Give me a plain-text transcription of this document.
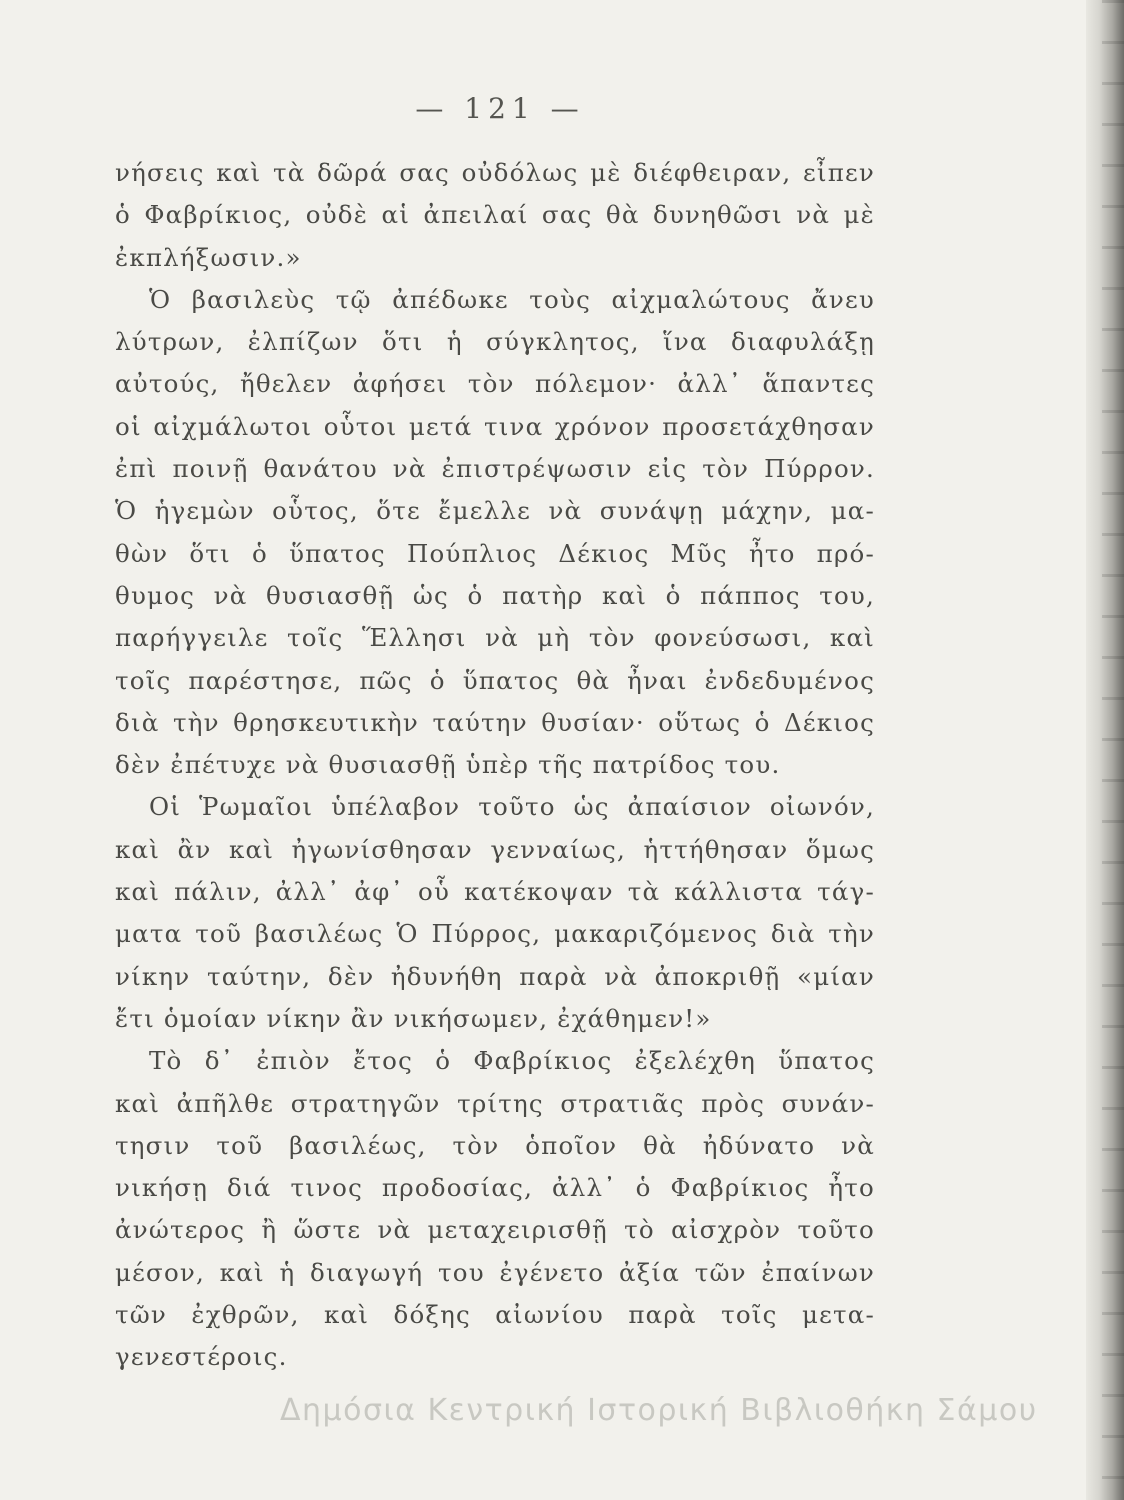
— 121 —
νήσεις καὶ τὰ δῶρά σας οὐδόλως μὲ διέφθειραν, εἶπεν
ὁ Φαβρίκιος, οὐδὲ αἱ ἀπειλαί σας θὰ δυνηθῶσι νὰ μὲ
ἐκπλήξωσιν.»
Ὁ βασιλεὺς τῷ ἀπέδωκε τοὺς αἰχμαλώτους ἄνευ
λύτρων, ἐλπίζων ὅτι ἡ σύγκλητος, ἵνα διαφυλάξῃ
αὐτούς, ἤθελεν ἀφήσει τὸν πόλεμον· ἀλλ᾽ ἅπαντες
οἱ αἰχμάλωτοι οὗτοι μετά τινα χρόνον προσετάχθησαν
ἐπὶ ποινῇ θανάτου νὰ ἐπιστρέψωσιν εἰς τὸν Πύρρον.
Ὁ ἡγεμὼν οὗτος, ὅτε ἔμελλε νὰ συνάψῃ μάχην, μα-
θὼν ὅτι ὁ ὕπατος Πούπλιος Δέκιος Μῦς ἦτο πρό-
θυμος νὰ θυσιασθῇ ὡς ὁ πατὴρ καὶ ὁ πάππος του,
παρήγγειλε τοῖς Ἕλλησι νὰ μὴ τὸν φονεύσωσι, καὶ
τοῖς παρέστησε, πῶς ὁ ὕπατος θὰ ἦναι ἐνδεδυμένος
διὰ τὴν θρησκευτικὴν ταύτην θυσίαν· οὕτως ὁ Δέκιος
δὲν ἐπέτυχε νὰ θυσιασθῇ ὑπὲρ τῆς πατρίδος του.
Οἱ Ῥωμαῖοι ὑπέλαβον τοῦτο ὡς ἀπαίσιον οἰωνόν,
καὶ ἂν καὶ ἠγωνίσθησαν γενναίως, ἡττήθησαν ὅμως
καὶ πάλιν, ἀλλ᾽ ἀφ᾽ οὗ κατέκοψαν τὰ κάλλιστα τάγ-
ματα τοῦ βασιλέως Ὁ Πύρρος, μακαριζόμενος διὰ τὴν
νίκην ταύτην, δὲν ἠδυνήθη παρὰ νὰ ἀποκριθῇ «μίαν
ἔτι ὁμοίαν νίκην ἂν νικήσωμεν, ἐχάθημεν!»
Τὸ δ᾽ ἐπιὸν ἔτος ὁ Φαβρίκιος ἐξελέχθη ὕπατος
καὶ ἀπῆλθε στρατηγῶν τρίτης στρατιᾶς πρὸς συνάν-
τησιν τοῦ βασιλέως, τὸν ὁποῖον θὰ ἠδύνατο νὰ
νικήσῃ διά τινος προδοσίας, ἀλλ᾽ ὁ Φαβρίκιος ἦτο
ἀνώτερος ἢ ὥστε νὰ μεταχειρισθῇ τὸ αἰσχρὸν τοῦτο
μέσον, καὶ ἡ διαγωγή του ἐγένετο ἀξία τῶν ἐπαίνων
τῶν ἐχθρῶν, καὶ δόξης αἰωνίου παρὰ τοῖς μετα-
γενεστέροις.
Δημόσια Κεντρική Ιστορική Βιβλιοθήκη Σάμου
